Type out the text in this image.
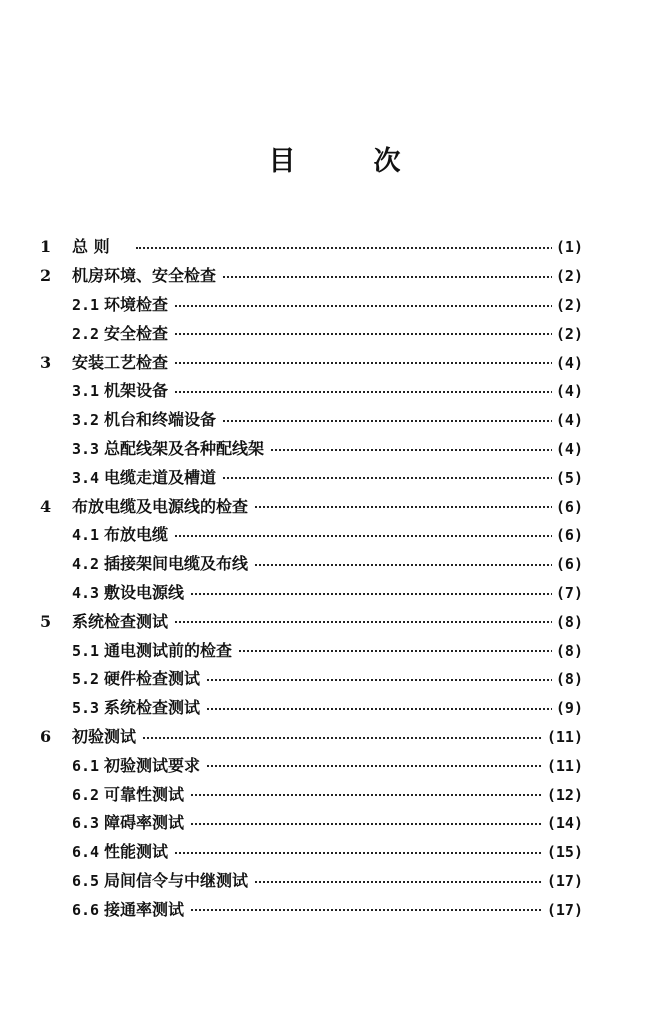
目	次
1	总 则	(1)
2	机房环境、安全检查	(2)
2.1 环境检查	(2)
2.2 安全检查	(2)
3	安装工艺检查	(4)
3.1 机架设备	(4)
3.2 机台和终端设备	(4)
3.3 总配线架及各种配线架	(4)
3.4 电缆走道及槽道	(5)
4	布放电缆及电源线的检查	(6)
4.1 布放电缆	(6)
4.2 插接架间电缆及布线	(6)
4.3 敷设电源线	(7)
5	系统检查测试	(8)
5.1 通电测试前的检查	(8)
5.2 硬件检查测试	(8)
5.3 系统检查测试	(9)
6	初验测试	(11)
6.1 初验测试要求	(11)
6.2 可靠性测试	(12)
6.3 障碍率测试	(14)
6.4 性能测试	(15)
6.5 局间信令与中继测试	(17)
6.6 接通率测试	(17)
